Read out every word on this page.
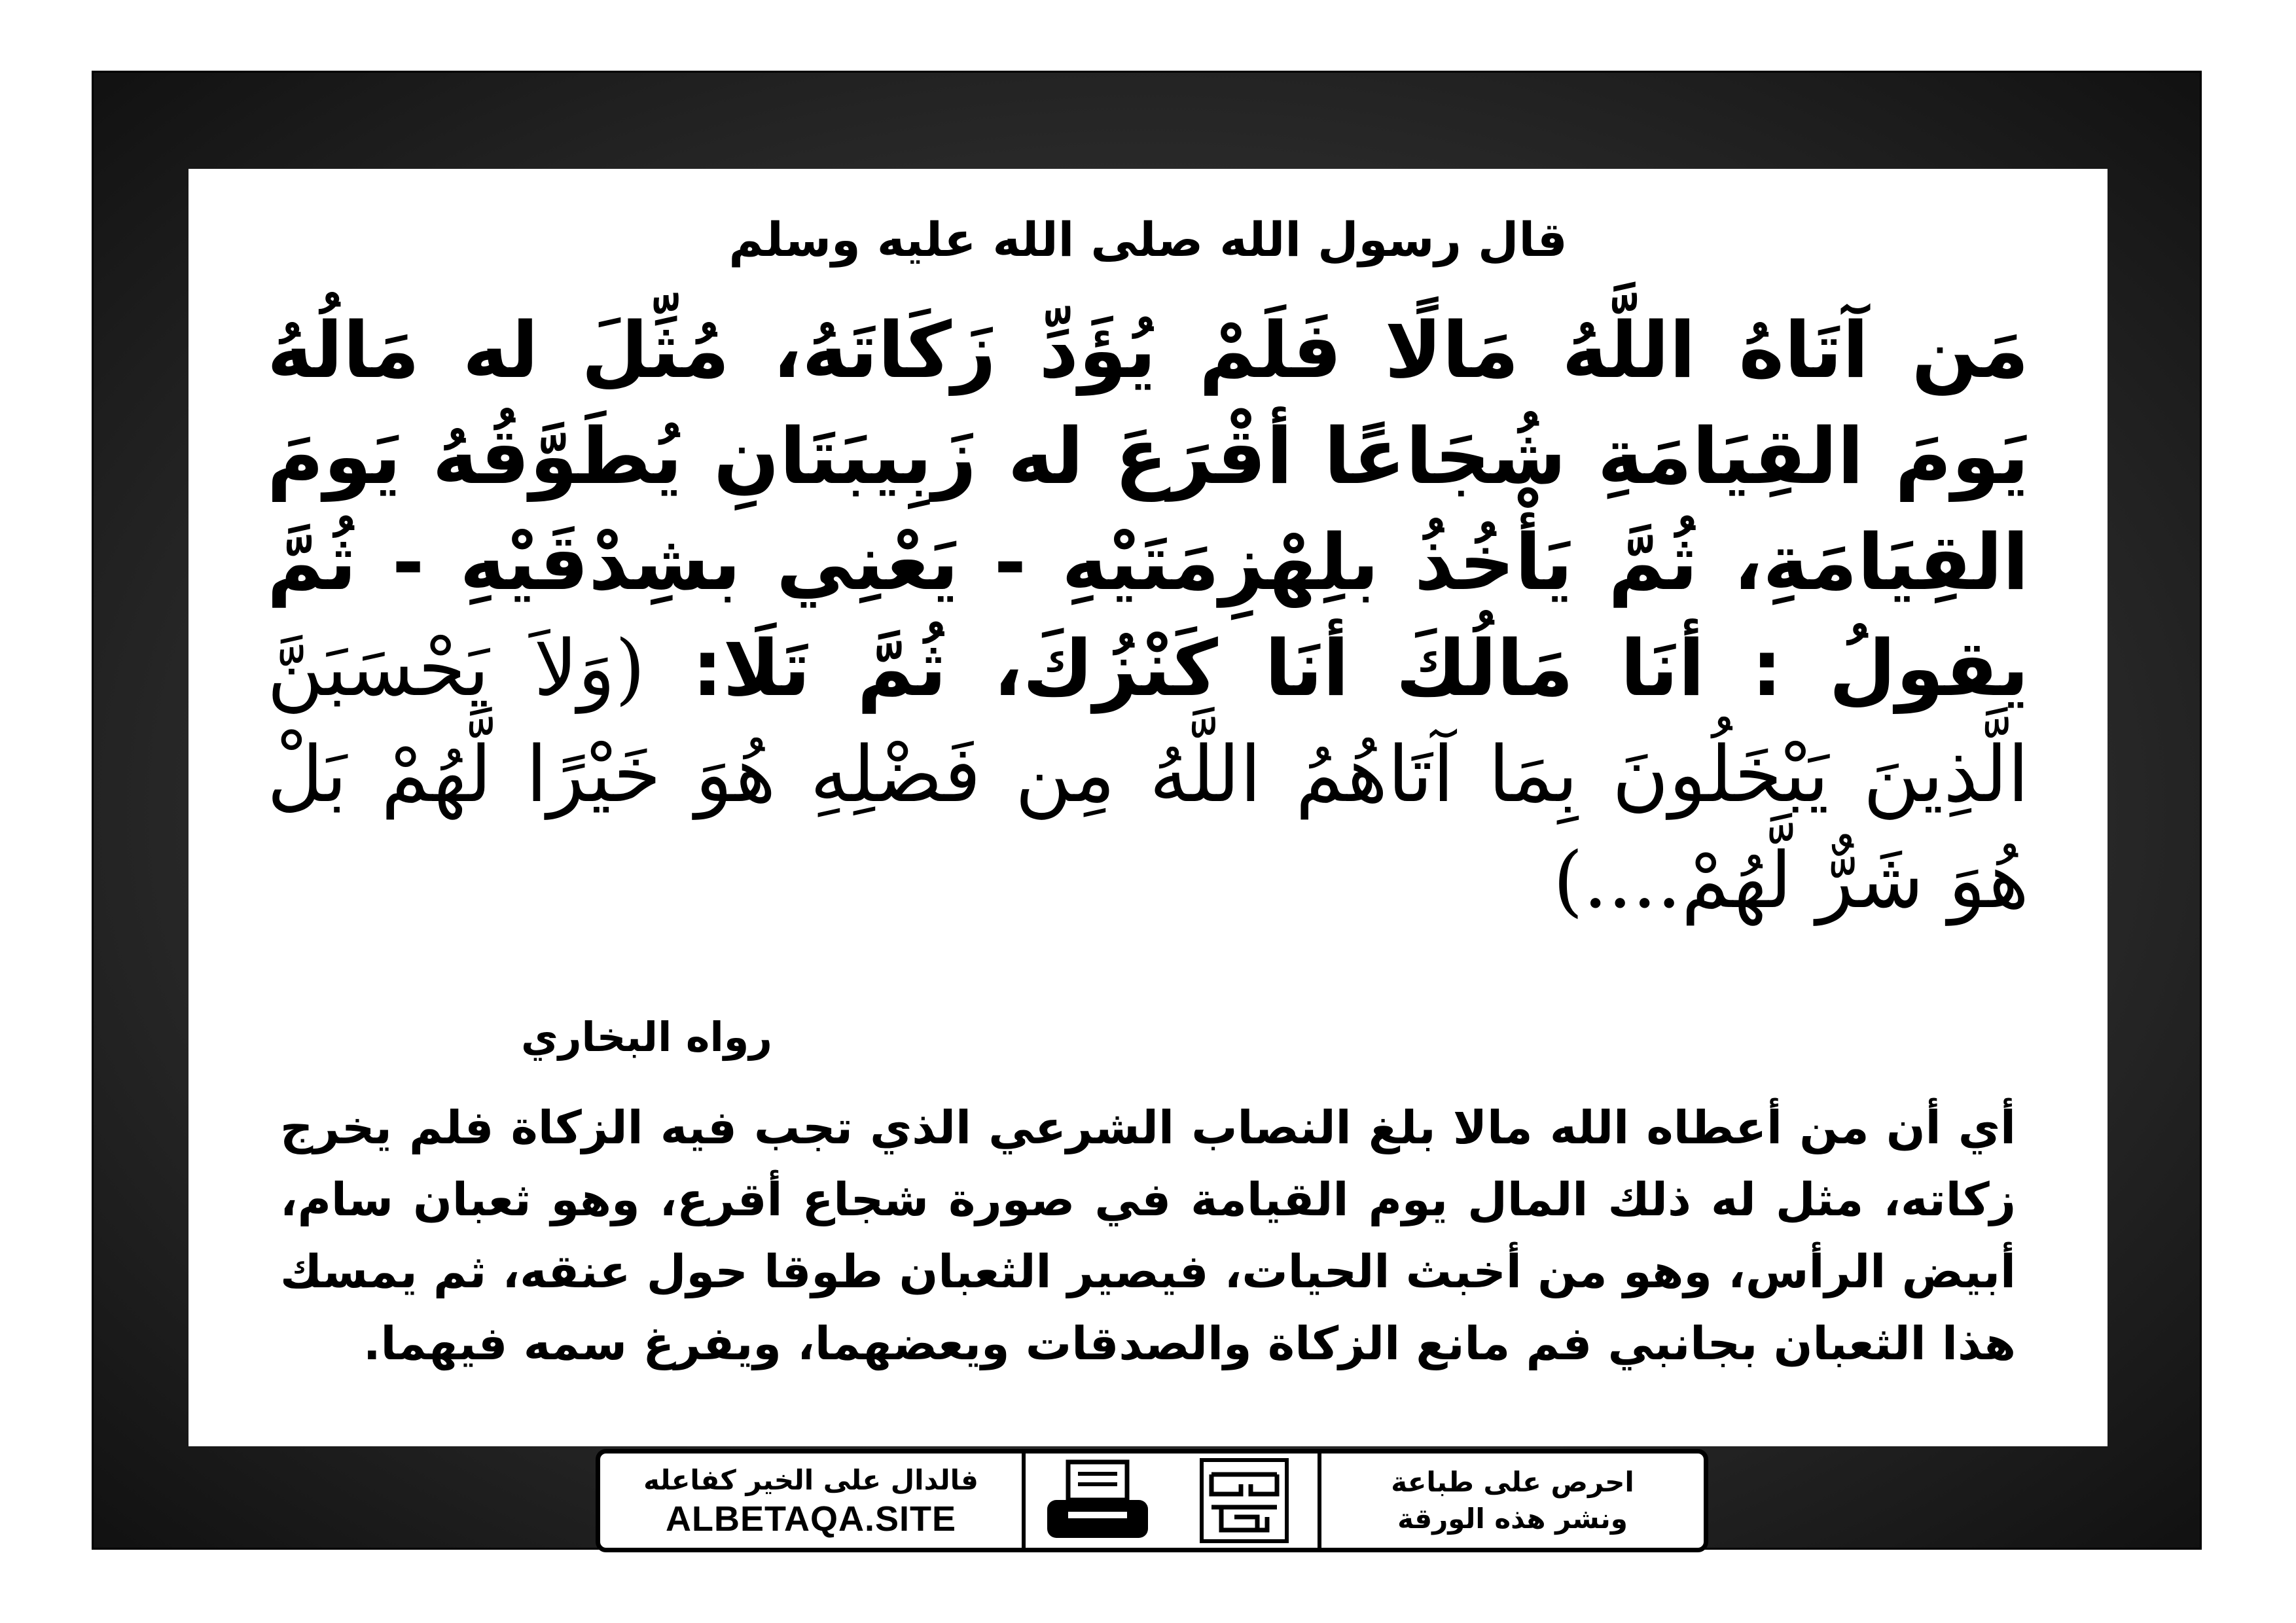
قال رسول الله صلى الله عليه وسلم
مَن آتَاهُ اللَّهُ مَالًا فَلَمْ يُؤَدِّ زَكَاتَهُ، مُثِّلَ له مَالُهُ يَومَ القِيَامَةِ شُجَاعًا أقْرَعَ له زَبِيبَتَانِ يُطَوَّقُهُ يَومَ القِيَامَةِ، ثُمَّ يَأْخُذُ بلِهْزِمَتَيْهِ - يَعْنِي بشِدْقَيْهِ - ثُمَّ يقولُ : أنَا مَالُكَ أنَا كَنْزُكَ، ثُمَّ تَلَا: (وَلاَ يَحْسَبَنَّ الَّذِينَ يَبْخَلُونَ بِمَا آتَاهُمُ اللَّهُ مِن فَضْلِهِ هُوَ خَيْرًا لَّهُمْ بَلْ هُوَ شَرٌّ لَّهُمْ....)
رواه البخاري
أي أن من أعطاه الله مالا بلغ النصاب الشرعي الذي تجب فيه الزكاة فلم يخرج زكاته، مثل له ذلك المال يوم القيامة في صورة شجاع أقرع، وهو ثعبان سام، أبيض الرأس، وهو من أخبث الحيات، فيصير الثعبان طوقا حول عنقه، ثم يمسك هذا الثعبان بجانبي فم مانع الزكاة والصدقات ويعضهما، ويفرغ سمه فيهما.
احرص على طباعة
ونشر هذه الورقة
فالدال على الخير كفاعله
ALBETAQA.SITE
